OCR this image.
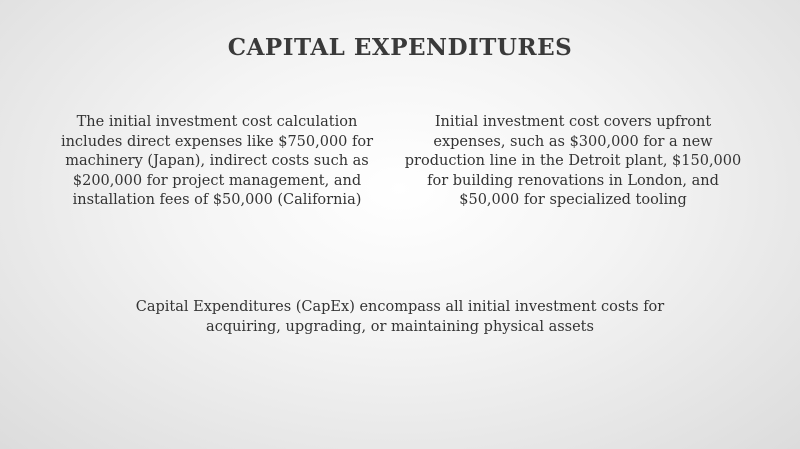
CAPITAL EXPENDITURES
The initial investment cost calculation includes direct expenses like $750,000 for machinery (Japan), indirect costs such as $200,000 for project management, and installation fees of $50,000 (California)
Initial investment cost covers upfront expenses, such as $300,000 for a new production line in the Detroit plant, $150,000 for building renovations in London, and $50,000 for specialized tooling
Capital Expenditures (CapEx) encompass all initial investment costs for acquiring, upgrading, or maintaining physical assets
